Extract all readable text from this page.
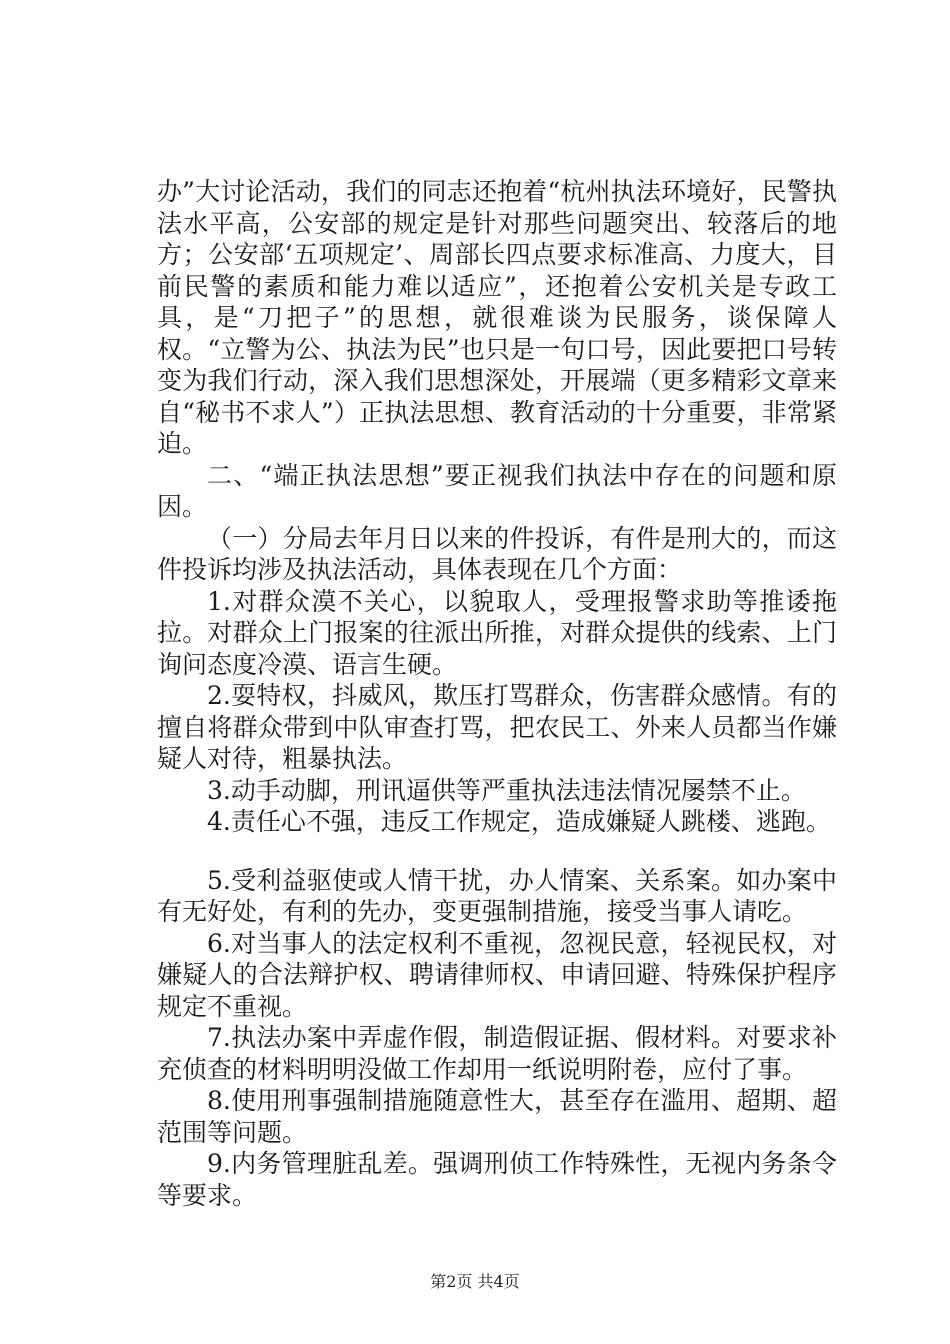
办”大讨论活动，我们的同志还抱着“杭州执法环境好，民警执法水平高，公安部的规定是针对那些问题突出、较落后的地方；公安部‘五项规定’、周部长四点要求标准高、力度大，目前民警的素质和能力难以适应”，还抱着公安机关是专政工具，是“刀把子”的思想，就很难谈为民服务，谈保障人权。“立警为公、执法为民”也只是一句口号，因此要把口号转变为我们行动，深入我们思想深处，开展端（更多精彩文章来自“秘书不求人”）正执法思想、教育活动的十分重要，非常紧迫。

二、“端正执法思想”要正视我们执法中存在的问题和原因。

（一）分局去年月日以来的件投诉，有件是刑大的，而这件投诉均涉及执法活动，具体表现在几个方面：

1.对群众漠不关心，以貌取人，受理报警求助等推诿拖拉。对群众上门报案的往派出所推，对群众提供的线索、上门询问态度冷漠、语言生硬。

2.耍特权，抖威风，欺压打骂群众，伤害群众感情。有的擅自将群众带到中队审查打骂，把农民工、外来人员都当作嫌疑人对待，粗暴执法。

3.动手动脚，刑讯逼供等严重执法违法情况屡禁不止。

4.责任心不强，违反工作规定，造成嫌疑人跳楼、逃跑。

5.受利益驱使或人情干扰，办人情案、关系案。如办案中有无好处，有利的先办，变更强制措施，接受当事人请吃。

6.对当事人的法定权利不重视，忽视民意，轻视民权，对嫌疑人的合法辩护权、聘请律师权、申请回避、特殊保护程序规定不重视。

7.执法办案中弄虚作假，制造假证据、假材料。对要求补充侦查的材料明明没做工作却用一纸说明附卷，应付了事。

8.使用刑事强制措施随意性大，甚至存在滥用、超期、超范围等问题。

9.内务管理脏乱差。强调刑侦工作特殊性，无视内务条令等要求。

第2页 共4页
